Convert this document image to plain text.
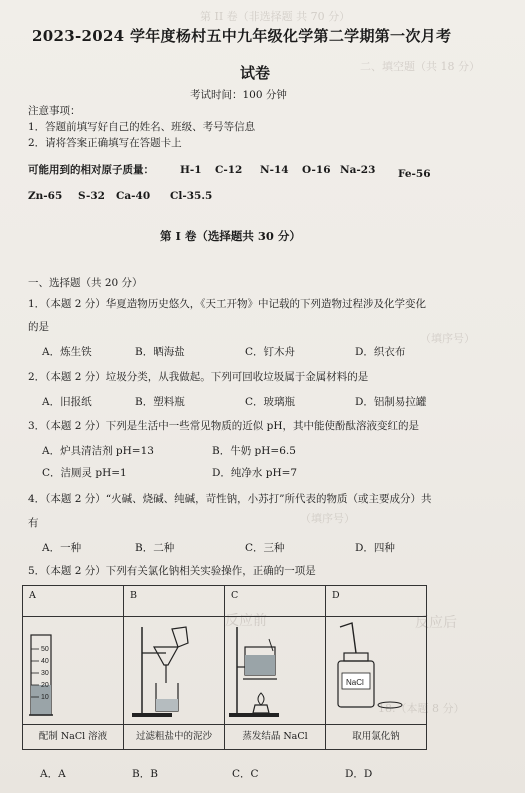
第 II 卷（非选择题 共 70 分）
二、填空题（共 18 分）
（填序号）
（填序号）
反应前	反应后
18.（本题 8 分）
2023-2024 学年度杨村五中九年级化学第二学期第一次月考
试卷
考试时间：100 分钟
注意事项：
1．答题前填写好自己的姓名、班级、考号等信息
2．请将答案正确填写在答题卡上
可能用到的相对原子质量： H-1 C-12 N-14 O-16 Na-23 Fe-56
Zn-65 S-32 Ca-40 Cl-35.5
第 I 卷（选择题共 30 分）
一、选择题（共 20 分）
1．（本题 2 分）华夏造物历史悠久，《天工开物》中记载的下列造物过程涉及化学变化
的是
A．炼生铁	B．晒海盐	C．钉木舟	D．织衣布
2．（本题 2 分）垃圾分类，从我做起。下列可回收垃圾属于金属材料的是
A．旧报纸	B．塑料瓶	C．玻璃瓶	D．铝制易拉罐
3．（本题 2 分）下列是生活中一些常见物质的近似 pH，其中能使酚酞溶液变红的是
A．炉具清洁剂 pH=13	B．牛奶 pH=6.5
C．洁厕灵 pH=1	D．纯净水 pH=7
4．（本题 2 分）“火碱、烧碱、纯碱，苛性钠，小苏打”所代表的物质（或主要成分）共
有
A．一种	B．二种	C．三种	D．四种
5．（本题 2 分）下列有关氯化钠相关实验操作，正确的一项是
A	B	C	D

50
40
30
20
10			NaCl

配制 NaCl 溶液	过滤粗盐中的泥沙	蒸发结晶 NaCl	取用氯化钠
A．A	B．B	C．C	D．D
